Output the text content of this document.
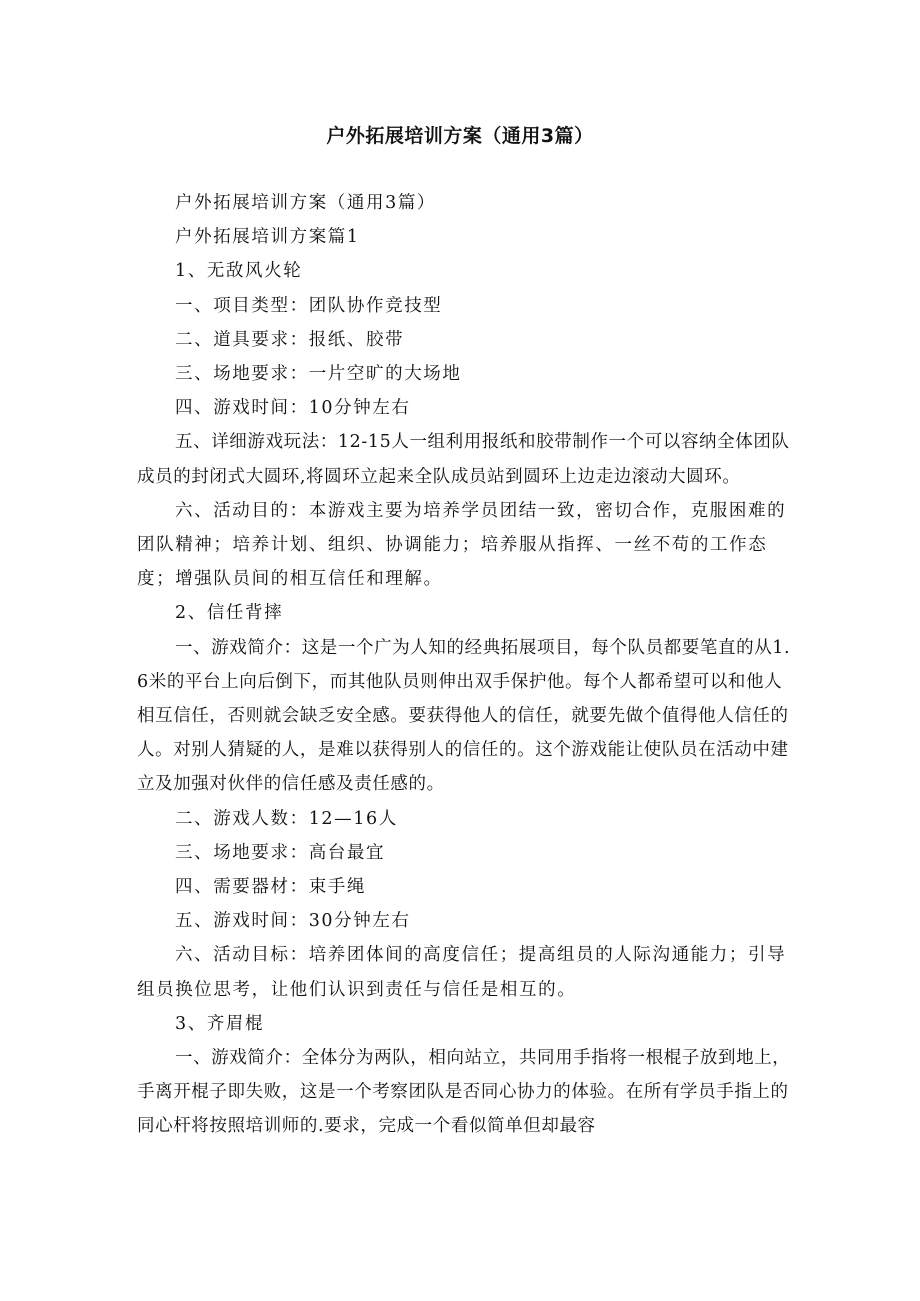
户外拓展培训方案（通用3篇）

户外拓展培训方案（通用3篇）

户外拓展培训方案篇1

1、无敌风火轮

一、项目类型：团队协作竞技型

二、道具要求：报纸、胶带

三、场地要求：一片空旷的大场地

四、游戏时间：10分钟左右

五、详细游戏玩法：12-15人一组利用报纸和胶带制作一个可以容纳全体团队成员的封闭式大圆环,将圆环立起来全队成员站到圆环上边走边滚动大圆环。

六、活动目的：本游戏主要为培养学员团结一致，密切合作，克服困难的团队精神；培养计划、组织、协调能力；培养服从指挥、一丝不苟的工作态度；增强队员间的相互信任和理解。

2、信任背摔

一、游戏简介：这是一个广为人知的经典拓展项目，每个队员都要笔直的从1.6米的平台上向后倒下，而其他队员则伸出双手保护他。每个人都希望可以和他人相互信任，否则就会缺乏安全感。要获得他人的信任，就要先做个值得他人信任的人。对别人猜疑的人，是难以获得别人的信任的。这个游戏能让使队员在活动中建立及加强对伙伴的信任感及责任感的。

二、游戏人数：12—16人

三、场地要求：高台最宜

四、需要器材：束手绳

五、游戏时间：30分钟左右

六、活动目标：培养团体间的高度信任；提高组员的人际沟通能力；引导组员换位思考，让他们认识到责任与信任是相互的。

3、齐眉棍

一、游戏简介：全体分为两队，相向站立，共同用手指将一根棍子放到地上，手离开棍子即失败，这是一个考察团队是否同心协力的体验。在所有学员手指上的同心杆将按照培训师的.要求，完成一个看似简单但却最容
